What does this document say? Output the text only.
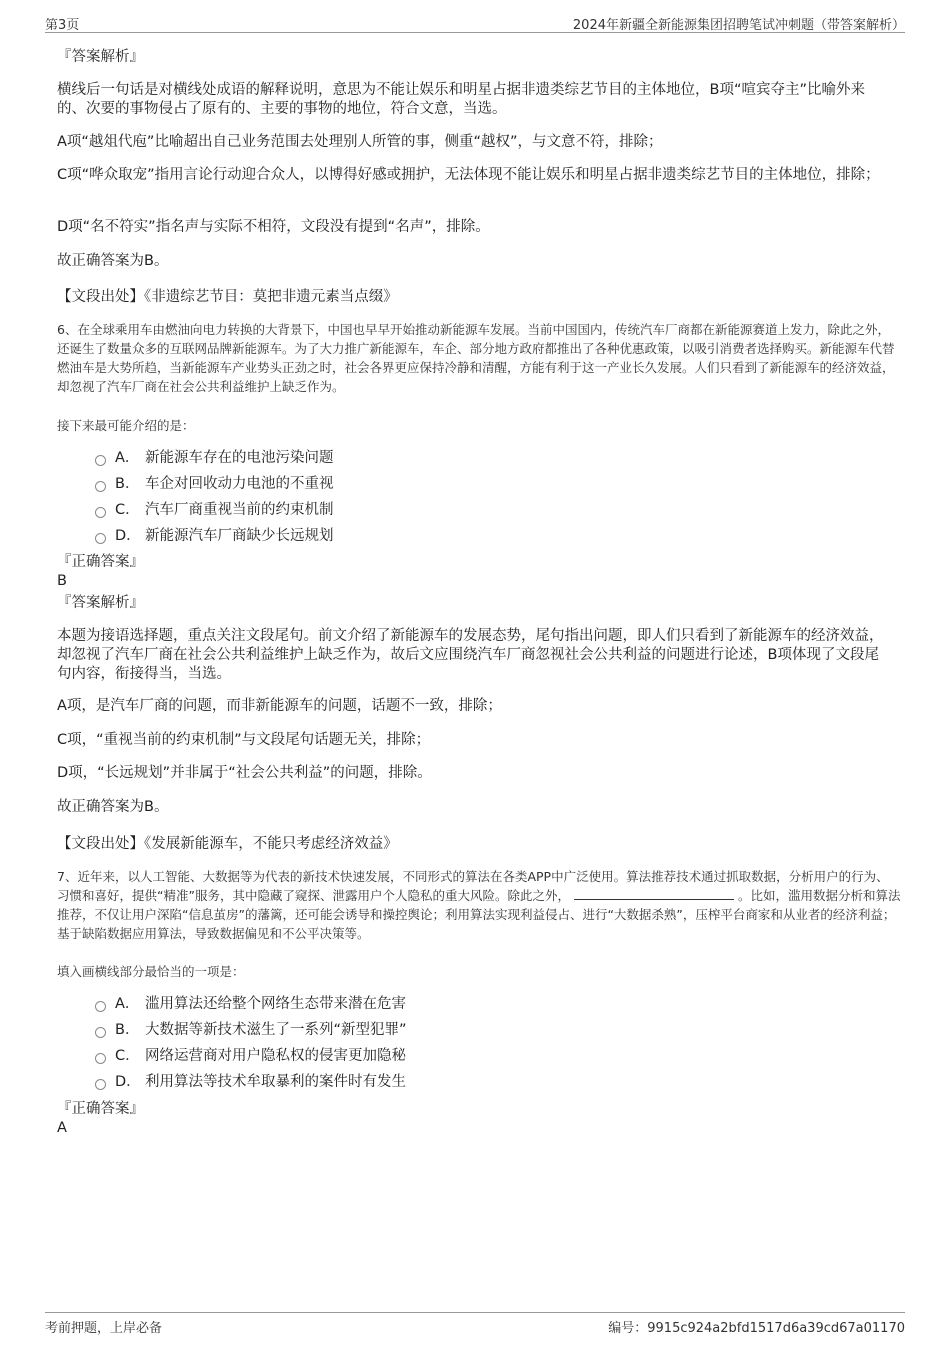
第3页	2024年新疆全新能源集团招聘笔试冲刺题（带答案解析）
『答案解析』

横线后一句话是对横线处成语的解释说明，意思为不能让娱乐和明星占据非遗类综艺节目的主体地位，B项“喧宾夺主”比喻外来的、次要的事物侵占了原有的、主要的事物的地位，符合文意，当选。

A项“越俎代庖”比喻超出自己业务范围去处理别人所管的事，侧重“越权”，与文意不符，排除；

C项“哗众取宠”指用言论行动迎合众人，以博得好感或拥护，无法体现不能让娱乐和明星占据非遗类综艺节目的主体地位，排除；

D项“名不符实”指名声与实际不相符，文段没有提到“名声”，排除。

故正确答案为B。

【文段出处】《非遗综艺节目：莫把非遗元素当点缀》

6、在全球乘用车由燃油向电力转换的大背景下，中国也早早开始推动新能源车发展。当前中国国内，传统汽车厂商都在新能源赛道上发力，除此之外，还诞生了数量众多的互联网品牌新能源车。为了大力推广新能源车，车企、部分地方政府都推出了各种优惠政策，以吸引消费者选择购买。新能源车代替燃油车是大势所趋，当新能源车产业势头正劲之时，社会各界更应保持冷静和清醒，方能有利于这一产业长久发展。人们只看到了新能源车的经济效益，却忽视了汽车厂商在社会公共利益维护上缺乏作为。

接下来最可能介绍的是：

A． 新能源车存在的电池污染问题
B． 车企对回收动力电池的不重视
C． 汽车厂商重视当前的约束机制
D． 新能源汽车厂商缺少长远规划
『正确答案』
B
『答案解析』

本题为接语选择题，重点关注文段尾句。前文介绍了新能源车的发展态势，尾句指出问题，即人们只看到了新能源车的经济效益，却忽视了汽车厂商在社会公共利益维护上缺乏作为，故后文应围绕汽车厂商忽视社会公共利益的问题进行论述，B项体现了文段尾句内容，衔接得当，当选。

A项，是汽车厂商的问题，而非新能源车的问题，话题不一致，排除；

C项，“重视当前的约束机制”与文段尾句话题无关，排除；

D项，“长远规划”并非属于“社会公共利益”的问题，排除。

故正确答案为B。

【文段出处】《发展新能源车，不能只考虑经济效益》

7、近年来，以人工智能、大数据等为代表的新技术快速发展，不同形式的算法在各类APP中广泛使用。算法推荐技术通过抓取数据，分析用户的行为、习惯和喜好，提供“精准”服务，其中隐藏了窥探、泄露用户个人隐私的重大风险。除此之外，	。比如，滥用数据分析和算法推荐，不仅让用户深陷“信息茧房”的藩篱，还可能会诱导和操控舆论；利用算法实现利益侵占、进行“大数据杀熟”，压榨平台商家和从业者的经济利益；基于缺陷数据应用算法，导致数据偏见和不公平决策等。

填入画横线部分最恰当的一项是：

A． 滥用算法还给整个网络生态带来潜在危害
B． 大数据等新技术滋生了一系列“新型犯罪”
C． 网络运营商对用户隐私权的侵害更加隐秘
D． 利用算法等技术牟取暴利的案件时有发生
『正确答案』
A
考前押题，上岸必备	编号：9915c924a2bfd1517d6a39cd67a01170
